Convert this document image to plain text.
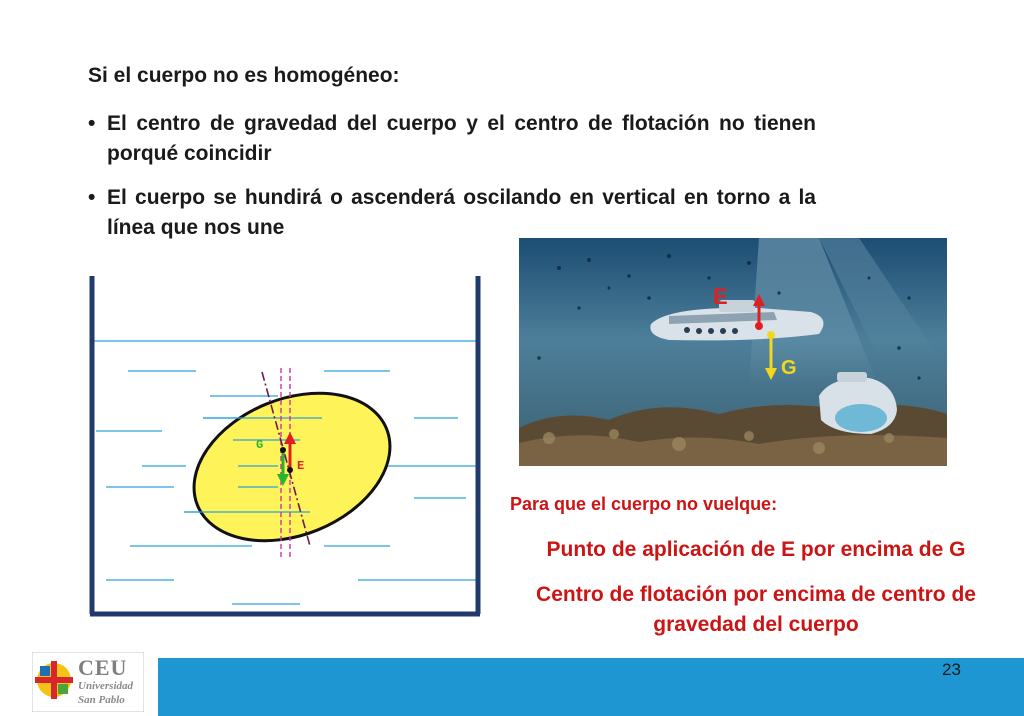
Si el cuerpo no es homogéneo:
• El centro de gravedad del cuerpo y el centro de flotación no tienen porqué coincidir
• El cuerpo se hundirá o ascenderá oscilando en vertical en torno a la línea que nos une
G
E
E
G
Para que el cuerpo no vuelque:
Punto de aplicación de E por encima de G
Centro de flotación por encima de centro de gravedad del cuerpo
23
CEU
Universidad
San Pablo
